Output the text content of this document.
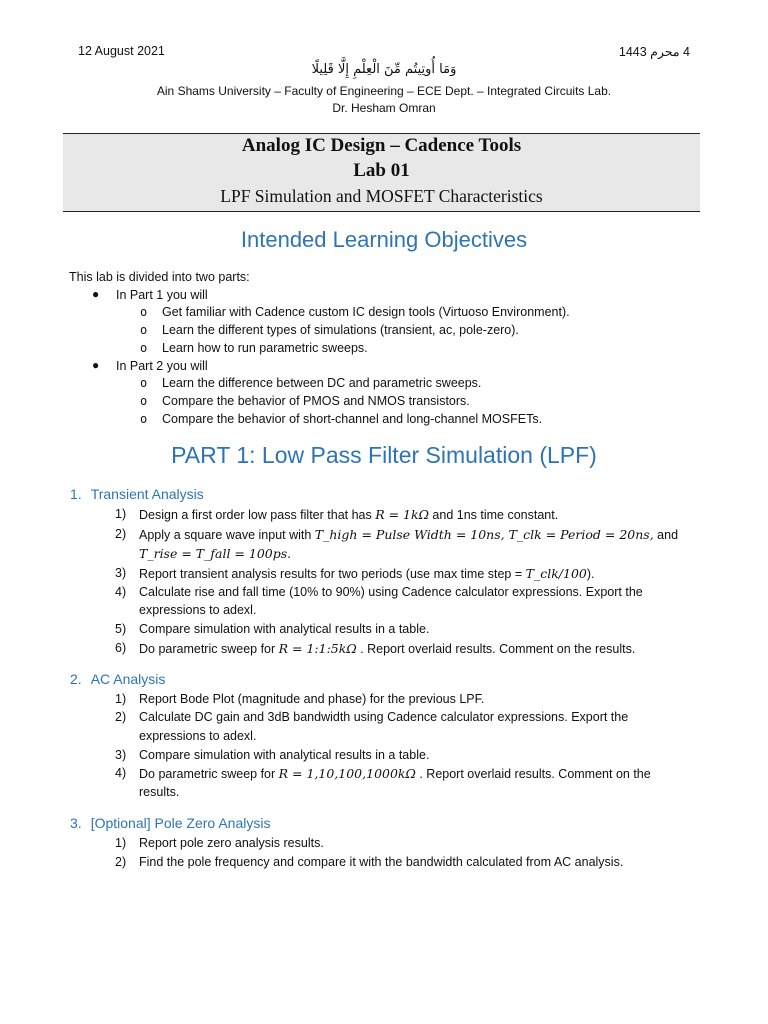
12 August 2021	4 محرم 1443
وَمَا أُوتِيتُم مِّنَ الْعِلْمِ إِلَّا قَلِيلًا
Ain Shams University – Faculty of Engineering – ECE Dept. – Integrated Circuits Lab.
Dr. Hesham Omran
Analog IC Design – Cadence Tools
Lab 01
LPF Simulation and MOSFET Characteristics
Intended Learning Objectives
This lab is divided into two parts:
● In Part 1 you will
o Get familiar with Cadence custom IC design tools (Virtuoso Environment).
o Learn the different types of simulations (transient, ac, pole-zero).
o Learn how to run parametric sweeps.
● In Part 2 you will
o Learn the difference between DC and parametric sweeps.
o Compare the behavior of PMOS and NMOS transistors.
o Compare the behavior of short-channel and long-channel MOSFETs.
PART 1: Low Pass Filter Simulation (LPF)
1. Transient Analysis
1) Design a first order low pass filter that has R = 1kΩ and 1ns time constant.
2) Apply a square wave input with T_high = Pulse Width = 10ns, T_clk = Period = 20ns, and
T_rise = T_fall = 100ps.
3) Report transient analysis results for two periods (use max time step = T_clk/100).
4) Calculate rise and fall time (10% to 90%) using Cadence calculator expressions. Export the
expressions to adexl.
5) Compare simulation with analytical results in a table.
6) Do parametric sweep for R = 1:1:5kΩ . Report overlaid results. Comment on the results.
2. AC Analysis
1) Report Bode Plot (magnitude and phase) for the previous LPF.
2) Calculate DC gain and 3dB bandwidth using Cadence calculator expressions. Export the
expressions to adexl.
3) Compare simulation with analytical results in a table.
4) Do parametric sweep for R = 1,10,100,1000kΩ . Report overlaid results. Comment on the
results.
3. [Optional] Pole Zero Analysis
1) Report pole zero analysis results.
2) Find the pole frequency and compare it with the bandwidth calculated from AC analysis.
